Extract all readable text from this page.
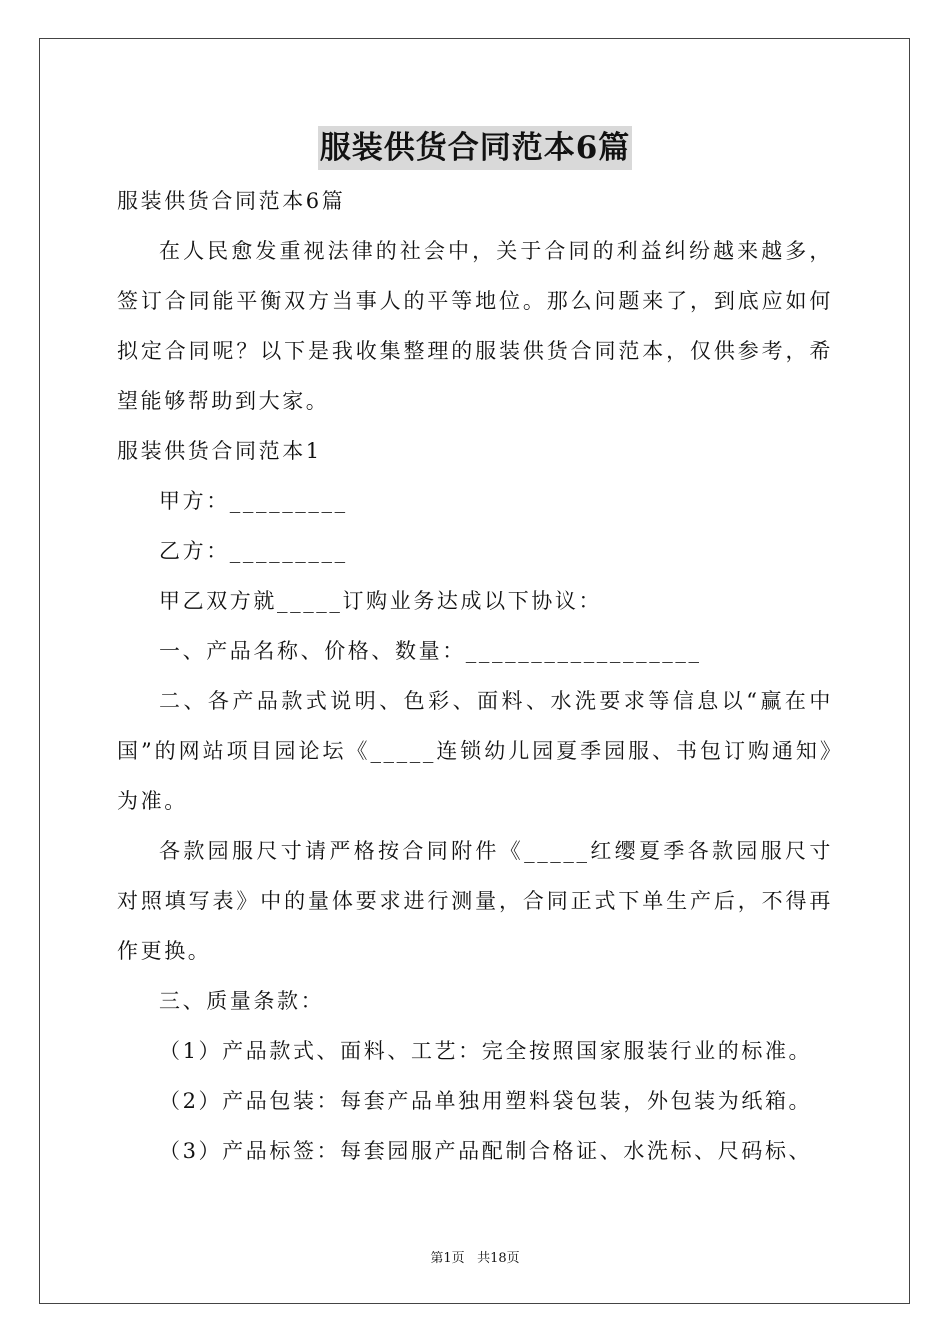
服装供货合同范本6篇

服装供货合同范本6篇

在人民愈发重视法律的社会中，关于合同的利益纠纷越来越多，签订合同能平衡双方当事人的平等地位。那么问题来了，到底应如何拟定合同呢？以下是我收集整理的服装供货合同范本，仅供参考，希望能够帮助到大家。

服装供货合同范本1

甲方：_________

乙方：_________

甲乙双方就_____订购业务达成以下协议：

一、产品名称、价格、数量：__________________

二、各产品款式说明、色彩、面料、水洗要求等信息以“赢在中国”的网站项目园论坛《_____连锁幼儿园夏季园服、书包订购通知》为准。

各款园服尺寸请严格按合同附件《_____红缨夏季各款园服尺寸对照填写表》中的量体要求进行测量，合同正式下单生产后，不得再作更换。

三、质量条款：

（1）产品款式、面料、工艺：完全按照国家服装行业的标准。

（2）产品包装：每套产品单独用塑料袋包装，外包装为纸箱。

（3）产品标签：每套园服产品配制合格证、水洗标、尺码标、

第1页 共18页
